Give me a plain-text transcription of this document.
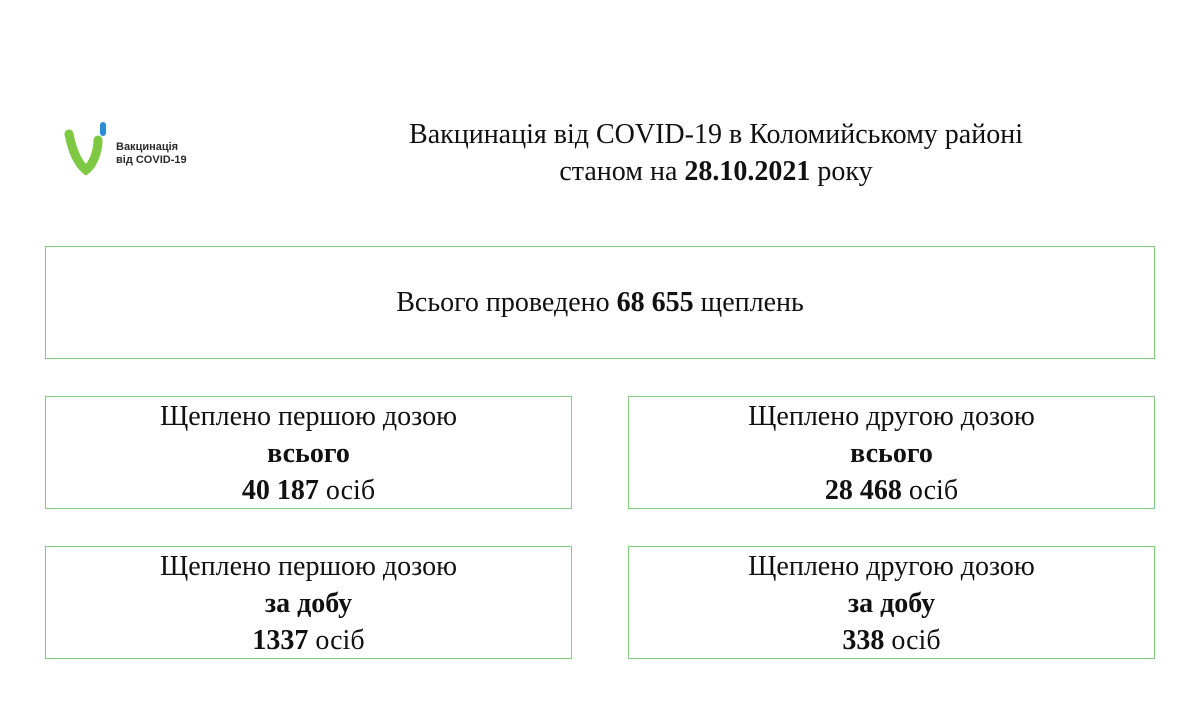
Вакцинація
від COVID-19
Вакцинація від COVID-19 в Коломийському районі
станом на 28.10.2021 року
Всього проведено 68 655 щеплень
Щеплено першою дозою
всього
40 187 осіб
Щеплено другою дозою
всього
28 468 осіб
Щеплено першою дозою
за добу
1337 осіб
Щеплено другою дозою
за добу
338 осіб
